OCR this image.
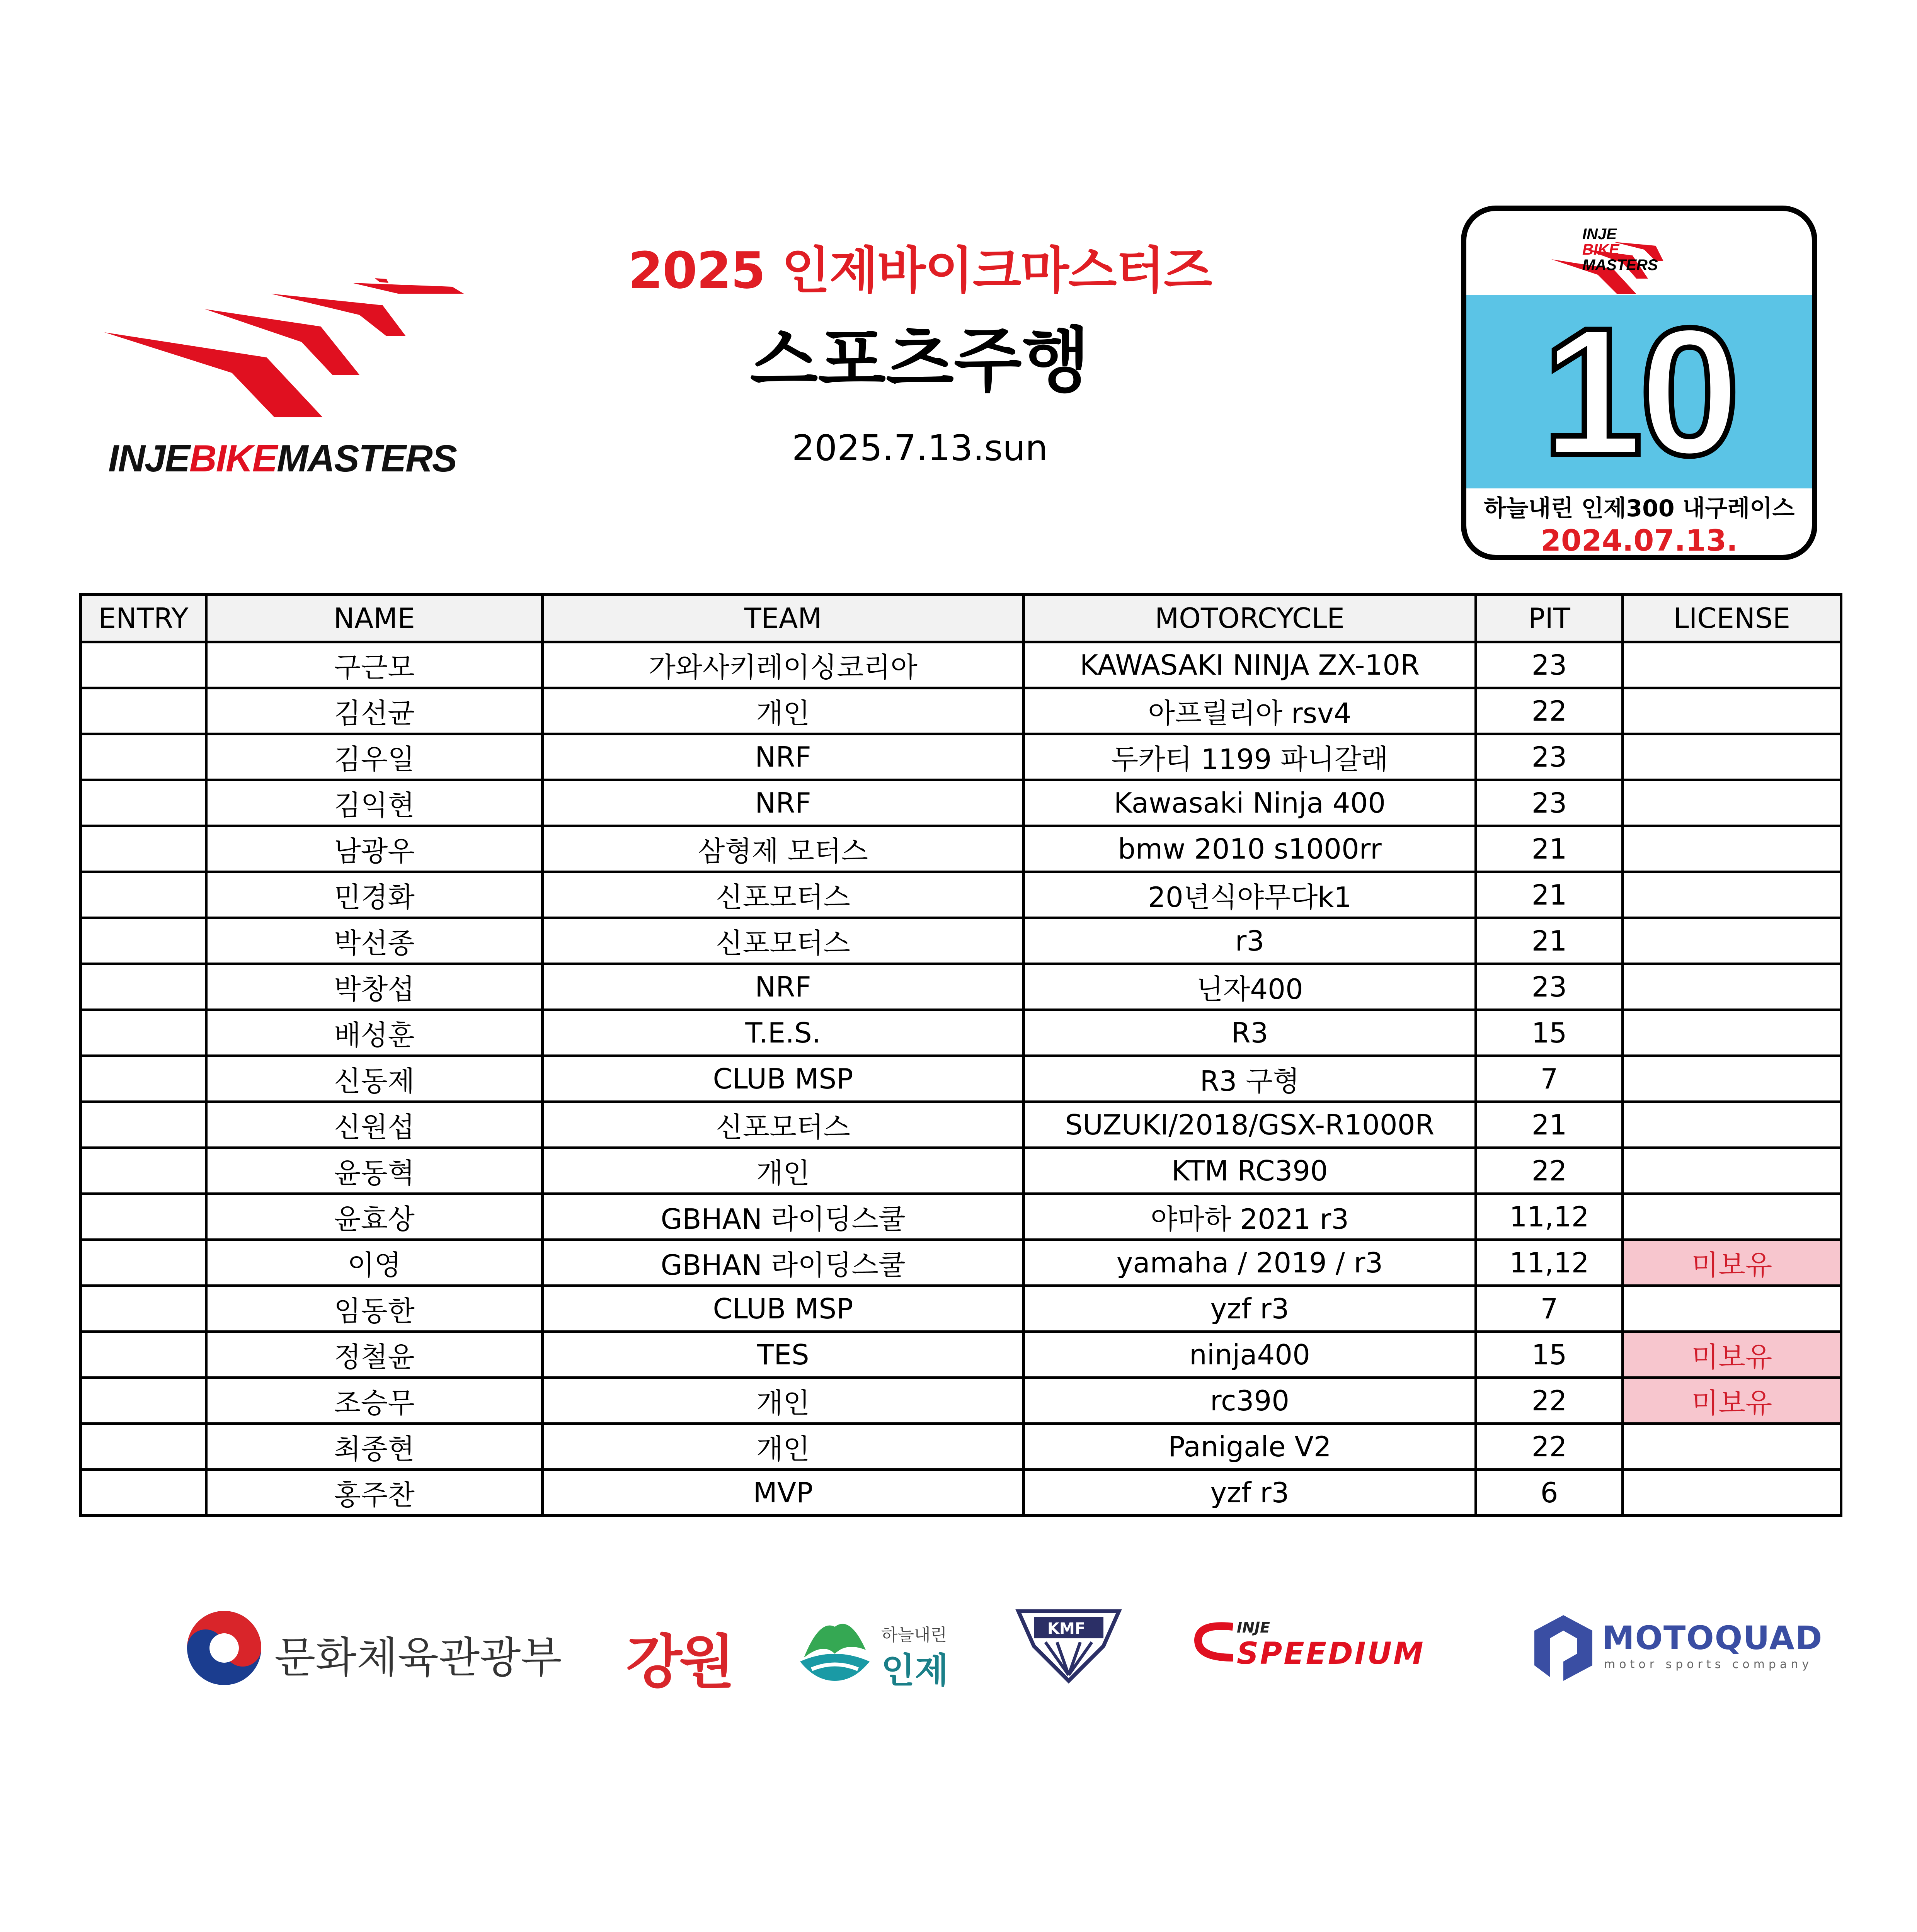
INJEBIKEMASTERS
2025 인제바이크마스터즈
스포츠주행
2025.7.13.sun
INJE
BIKE
MASTERS
10
하늘내린 인제300 내구레이스
2024.07.13.
ENTRY	NAME	TEAM	MOTORCYCLE	PIT	LICENSE
	구근모	가와사키레이싱코리아	KAWASAKI NINJA ZX-10R	23	
	김선균	개인	아프릴리아 rsv4	22	
	김우일	NRF	두카티 1199 파니갈래	23	
	김익현	NRF	Kawasaki Ninja 400	23	
	남광우	삼형제 모터스	bmw 2010 s1000rr	21	
	민경화	신포모터스	20년식야무다k1	21	
	박선종	신포모터스	r3	21	
	박창섭	NRF	닌자400	23	
	배성훈	T.E.S.	R3	15	
	신동제	CLUB MSP	R3 구형	7	
	신원섭	신포모터스	SUZUKI/2018/GSX-R1000R	21	
	윤동혁	개인	KTM RC390	22	
	윤효상	GBHAN 라이딩스쿨	야마하 2021 r3	11,12	
	이영	GBHAN 라이딩스쿨	yamaha / 2019 / r3	11,12	미보유
	임동한	CLUB MSP	yzf r3	7	
	정철윤	TES	ninja400	15	미보유
	조승무	개인	rc390	22	미보유
	최종현	개인	Panigale V2	22	
	홍주찬	MVP	yzf r3	6	
문화체육관광부 강원	하늘내린
인제
KMF	INJE
SPEEDIUM	MOTOQUAD
motor sports company
